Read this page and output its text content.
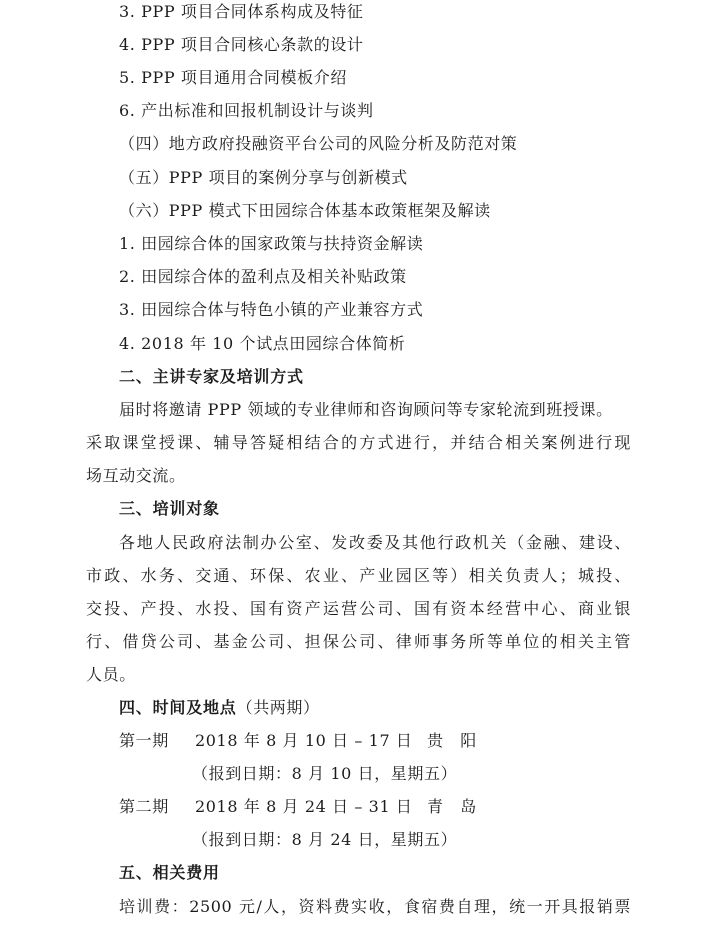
3. PPP 项目合同体系构成及特征
4. PPP 项目合同核心条款的设计
5. PPP 项目通用合同模板介绍
6. 产出标准和回报机制设计与谈判
（四）地方政府投融资平台公司的风险分析及防范对策
（五）PPP 项目的案例分享与创新模式
（六）PPP 模式下田园综合体基本政策框架及解读
1. 田园综合体的国家政策与扶持资金解读
2. 田园综合体的盈利点及相关补贴政策
3. 田园综合体与特色小镇的产业兼容方式
4. 2018 年 10 个试点田园综合体简析
二、主讲专家及培训方式
届时将邀请 PPP 领域的专业律师和咨询顾问等专家轮流到班授课。
采取课堂授课、辅导答疑相结合的方式进行，并结合相关案例进行现
场互动交流。
三、培训对象
各地人民政府法制办公室、发改委及其他行政机关（金融、建设、
市政、水务、交通、环保、农业、产业园区等）相关负责人；城投、
交投、产投、水投、国有资产运营公司、国有资本经营中心、商业银
行、借贷公司、基金公司、担保公司、律师事务所等单位的相关主管
人员。
四、时间及地点（共两期）
第一期 2018 年 8 月 10 日 – 17 日 贵　阳
（报到日期：8 月 10 日，星期五）
第二期 2018 年 8 月 24 日 – 31 日 青　岛
（报到日期：8 月 24 日，星期五）
五、相关费用
培训费：2500 元/人，资料费实收，食宿费自理，统一开具报销票
